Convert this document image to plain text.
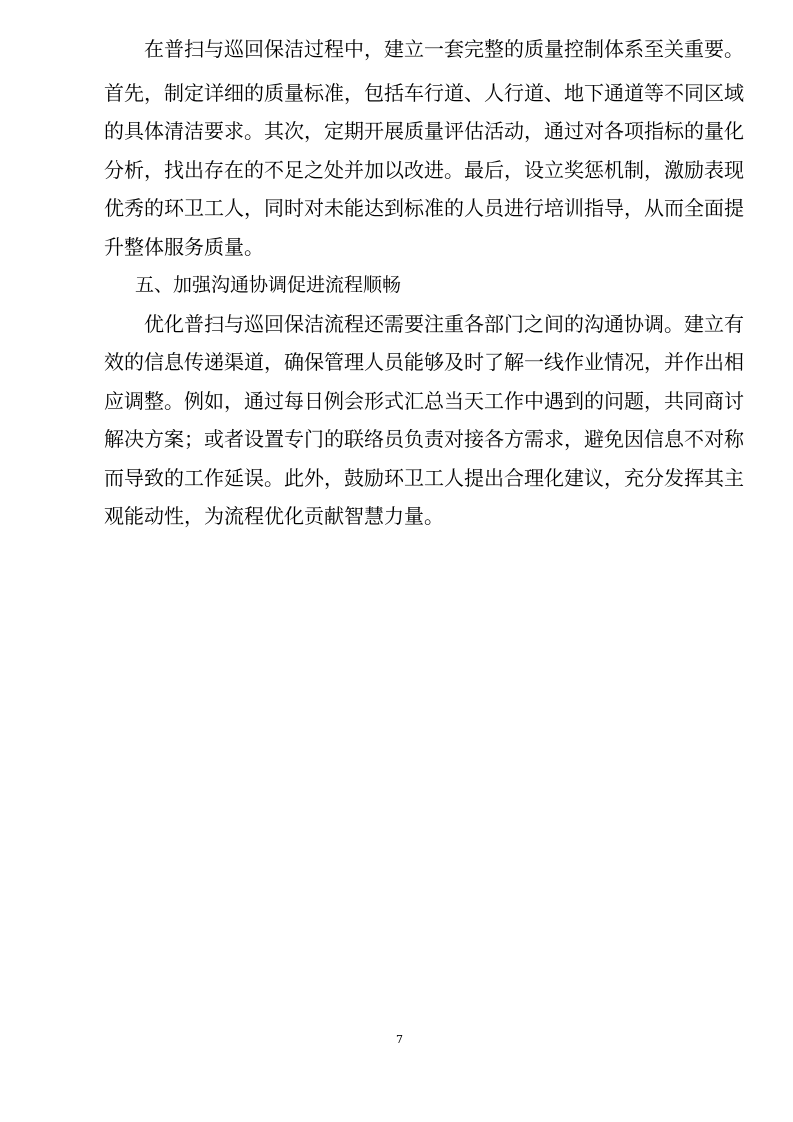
　　在普扫与巡回保洁过程中，建立一套完整的质量控制体系至关重要。

首先，制定详细的质量标准，包括车行道、人行道、地下通道等不同区域

的具体清洁要求。其次，定期开展质量评估活动，通过对各项指标的量化

分析，找出存在的不足之处并加以改进。最后，设立奖惩机制，激励表现

优秀的环卫工人，同时对未能达到标准的人员进行培训指导，从而全面提

升整体服务质量。

五、加强沟通协调促进流程顺畅

　　优化普扫与巡回保洁流程还需要注重各部门之间的沟通协调。建立有

效的信息传递渠道，确保管理人员能够及时了解一线作业情况，并作出相

应调整。例如，通过每日例会形式汇总当天工作中遇到的问题，共同商讨

解决方案；或者设置专门的联络员负责对接各方需求，避免因信息不对称

而导致的工作延误。此外，鼓励环卫工人提出合理化建议，充分发挥其主

观能动性，为流程优化贡献智慧力量。

7
